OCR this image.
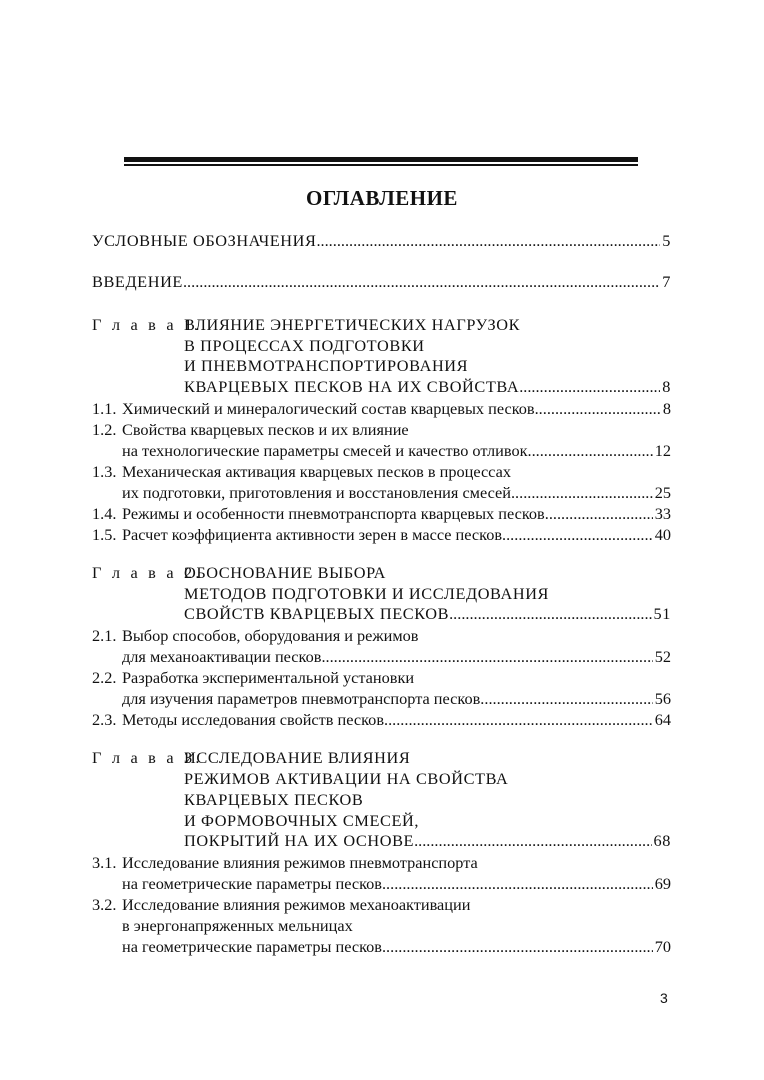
ОГЛАВЛЕНИЕ
УСЛОВНЫЕ ОБОЗНАЧЕНИЯ .....	5
ВВЕДЕНИЕ .....	7
Г л а в а 1.
ВЛИЯНИЕ ЭНЕРГЕТИЧЕСКИХ НАГРУЗОК
В ПРОЦЕССАХ ПОДГОТОВКИ
И ПНЕВМОТРАНСПОРТИРОВАНИЯ
КВАРЦЕВЫХ ПЕСКОВ НА ИХ СВОЙСТВА .....	8
1.1. Химический и минералогический состав кварцевых песков .....	8
1.2. Свойства кварцевых песков и их влияние
на технологические параметры смесей и качество отливок .....	12
1.3. Механическая активация кварцевых песков в процессах
их подготовки, приготовления и восстановления смесей .....	25
1.4. Режимы и особенности пневмотранспорта кварцевых песков .....	33
1.5. Расчет коэффициента активности зерен в массе песков .....	40
Г л а в а 2.
ОБОСНОВАНИЕ ВЫБОРА
МЕТОДОВ ПОДГОТОВКИ И ИССЛЕДОВАНИЯ
СВОЙСТВ КВАРЦЕВЫХ ПЕСКОВ .....	51
2.1. Выбор способов, оборудования и режимов
для механоактивации песков .....	52
2.2. Разработка экспериментальной установки
для изучения параметров пневмотранспорта песков .....	56
2.3. Методы исследования свойств песков .....	64
Г л а в а 3.
ИССЛЕДОВАНИЕ ВЛИЯНИЯ
РЕЖИМОВ АКТИВАЦИИ НА СВОЙСТВА
КВАРЦЕВЫХ ПЕСКОВ
И ФОРМОВОЧНЫХ СМЕСЕЙ,
ПОКРЫТИЙ НА ИХ ОСНОВЕ .....	68
3.1. Исследование влияния режимов пневмотранспорта
на геометрические параметры песков .....	69
3.2. Исследование влияния режимов механоактивации
в энергонапряженных мельницах
на геометрические параметры песков .....	70
3
